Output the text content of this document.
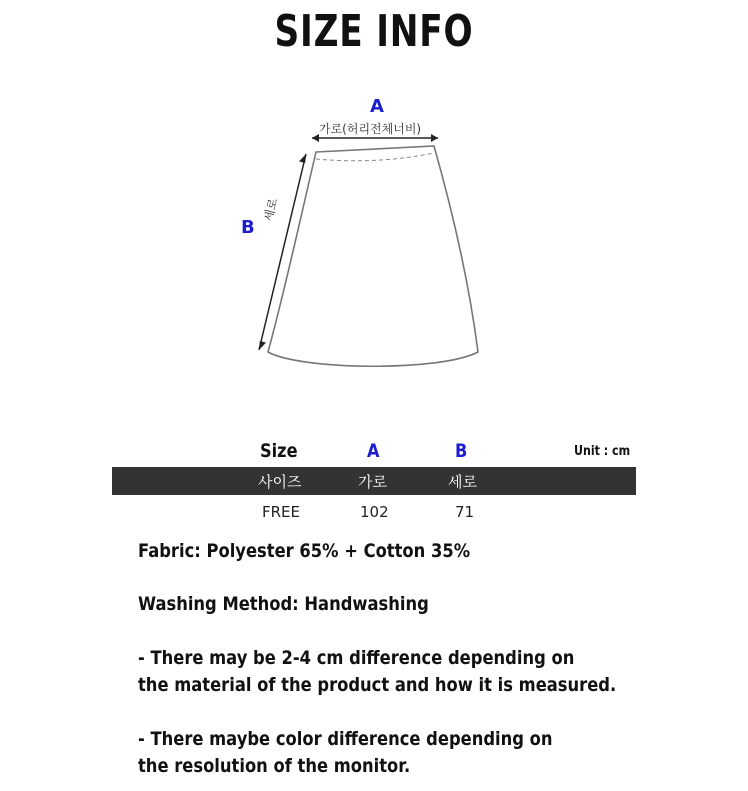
SIZE INFO
A
B
가로(허리전체너비)
세로
Size	A	B	Unit : cm
사이즈	가로	세로
FREE	102	71
Fabric: Polyester 65% + Cotton 35%
Washing Method: Handwashing
- There may be 2-4 cm difference depending on
the material of the product and how it is measured.
- There maybe color difference depending on
the resolution of the monitor.
